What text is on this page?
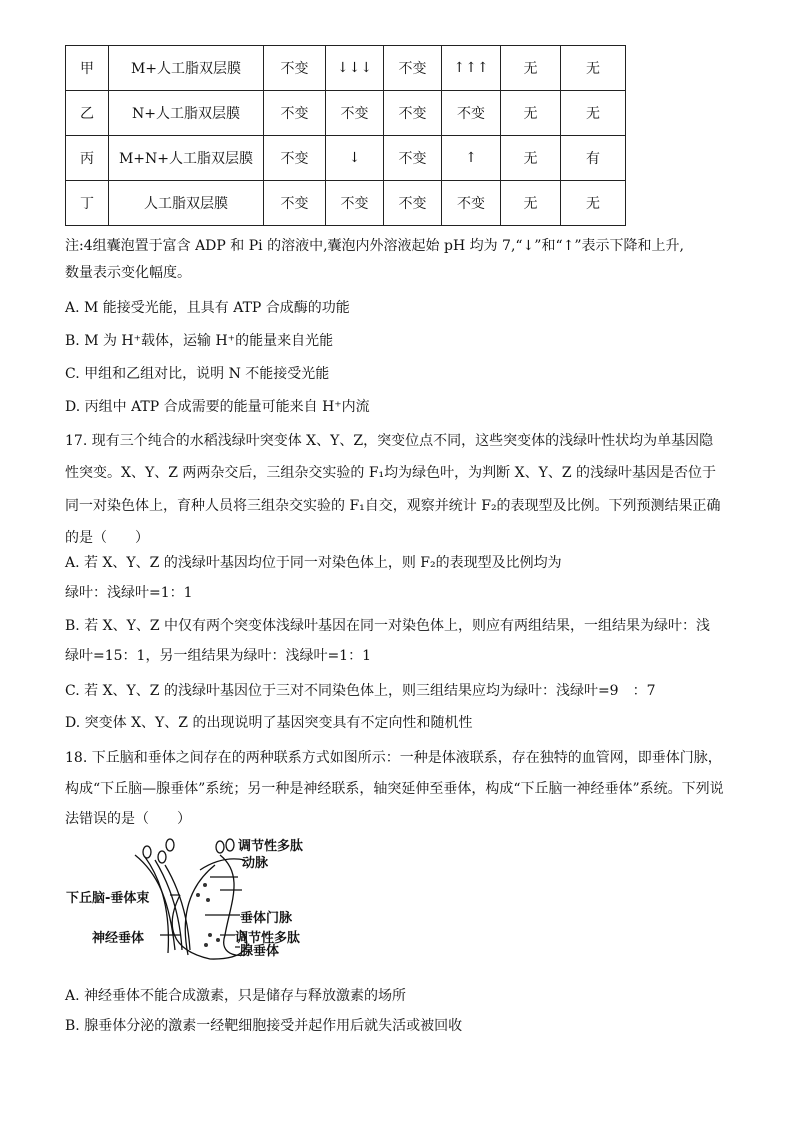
甲	M+人工脂双层膜	不变	↓↓↓	不变	↑↑↑	无	无
乙	N+人工脂双层膜	不变	不变	不变	不变	无	无
丙	M+N+人工脂双层膜	不变	↓	不变	↑	无	有
丁	人工脂双层膜	不变	不变	不变	不变	无	无
注:4组囊泡置于富含 ADP 和 Pi 的溶液中,囊泡内外溶液起始 pH 均为 7,“↓”和“↑”表示下降和上升,
数量表示变化幅度。
A. M 能接受光能，且具有 ATP 合成酶的功能
B. M 为 H⁺载体，运输 H⁺的能量来自光能
C. 甲组和乙组对比，说明 N 不能接受光能
D. 丙组中 ATP 合成需要的能量可能来自 H⁺内流
17. 现有三个纯合的水稻浅绿叶突变体 X、Y、Z，突变位点不同，这些突变体的浅绿叶性状均为单基因隐
性突变。X、Y、Z 两两杂交后，三组杂交实验的 F₁均为绿色叶，为判断 X、Y、Z 的浅绿叶基因是否位于
同一对染色体上，育种人员将三组杂交实验的 F₁自交，观察并统计 F₂的表现型及比例。下列预测结果正确
的是（　　）
A. 若 X、Y、Z 的浅绿叶基因均位于同一对染色体上，则 F₂的表现型及比例均为
绿叶：浅绿叶=1：1
B. 若 X、Y、Z 中仅有两个突变体浅绿叶基因在同一对染色体上，则应有两组结果，一组结果为绿叶：浅
绿叶=15：1，另一组结果为绿叶：浅绿叶=1：1
C. 若 X、Y、Z 的浅绿叶基因位于三对不同染色体上，则三组结果应均为绿叶：浅绿叶=9　：7
D. 突变体 X、Y、Z 的出现说明了基因突变具有不定向性和随机性
18. 下丘脑和垂体之间存在的两种联系方式如图所示：一种是体液联系，存在独特的血管网，即垂体门脉，
构成“下丘脑—腺垂体”系统；另一种是神经联系，轴突延伸至垂体，构成“下丘脑一神经垂体”系统。下列说
法错误的是（　　）
调节性多肽
动脉
下丘脑-垂体束
垂体门脉
神经垂体	调节性多肽
腺垂体
A. 神经垂体不能合成激素，只是储存与释放激素的场所
B. 腺垂体分泌的激素一经靶细胞接受并起作用后就失活或被回收
